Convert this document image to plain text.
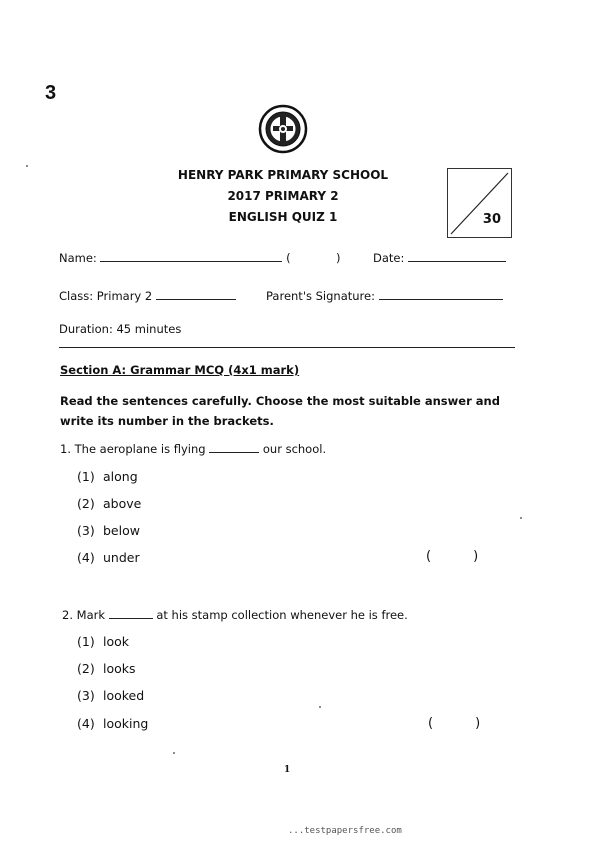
3
HENRY PARK PRIMARY SCHOOL
2017 PRIMARY 2
ENGLISH QUIZ 1	30
Name:	(	)	Date:
Class: Primary 2	Parent's Signature:
Duration: 45 minutes
Section A: Grammar MCQ (4x1 mark)
Read the sentences carefully. Choose the most suitable answer and write its number in the brackets.
1. The aeroplane is flying	our school.
(1) along
(2) above
(3) below
(4) under	(	)
2. Mark	at his stamp collection whenever he is free.
(1) look
(2) looks
(3) looked
(4) looking	(	)
1
...testpapersfree.com
